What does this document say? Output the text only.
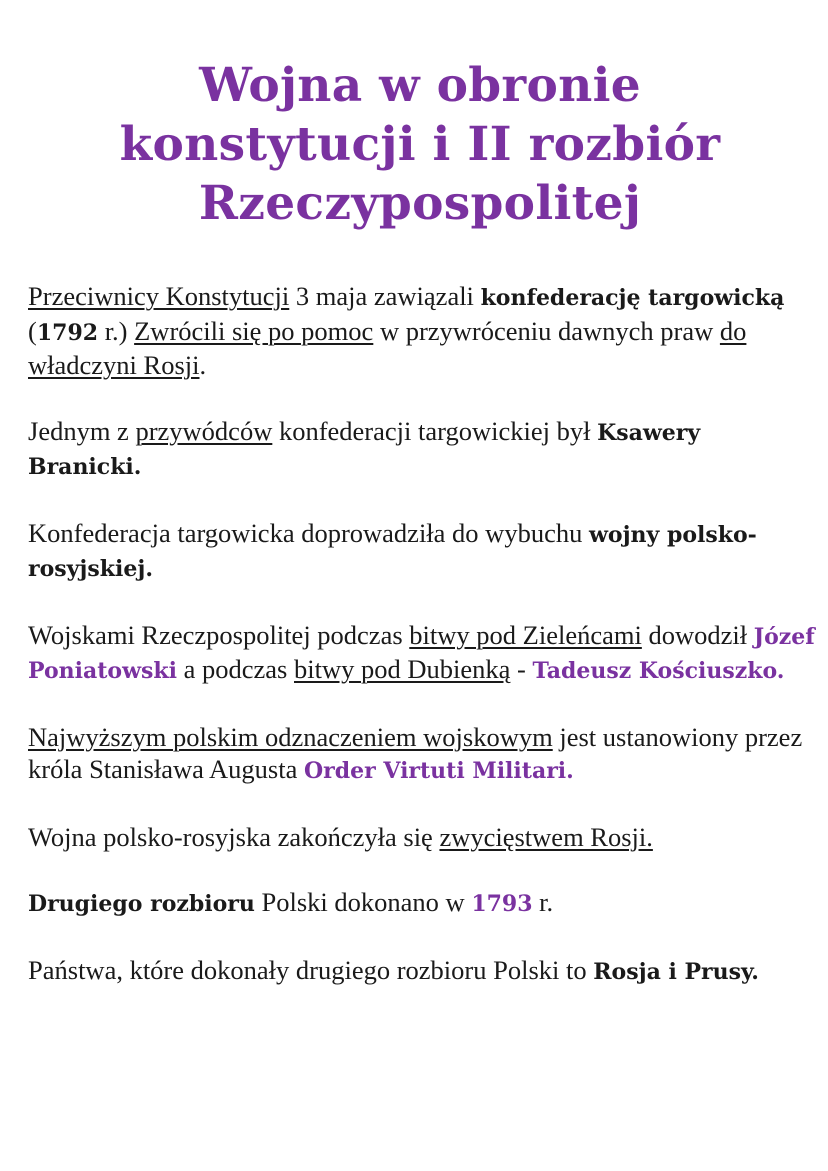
Wojna w obronie
konstytucji i II rozbiór
Rzeczypospolitej

Przeciwnicy Konstytucji 3 maja zawiązali konfederację targowicką (1792 r.) Zwrócili się po pomoc w przywróceniu dawnych praw do władczyni Rosji.

Jednym z przywódców konfederacji targowickiej był Ksawery Branicki.

Konfederacja targowicka doprowadziła do wybuchu wojny polsko-rosyjskiej.

Wojskami Rzeczpospolitej podczas bitwy pod Zieleńcami dowodził Józef Poniatowski a podczas bitwy pod Dubienką - Tadeusz Kościuszko.

Najwyższym polskim odznaczeniem wojskowym jest ustanowiony przez króla Stanisława Augusta Order Virtuti Militari.

Wojna polsko-rosyjska zakończyła się zwycięstwem Rosji.

Drugiego rozbioru Polski dokonano w 1793 r.

Państwa, które dokonały drugiego rozbioru Polski to Rosja i Prusy.
